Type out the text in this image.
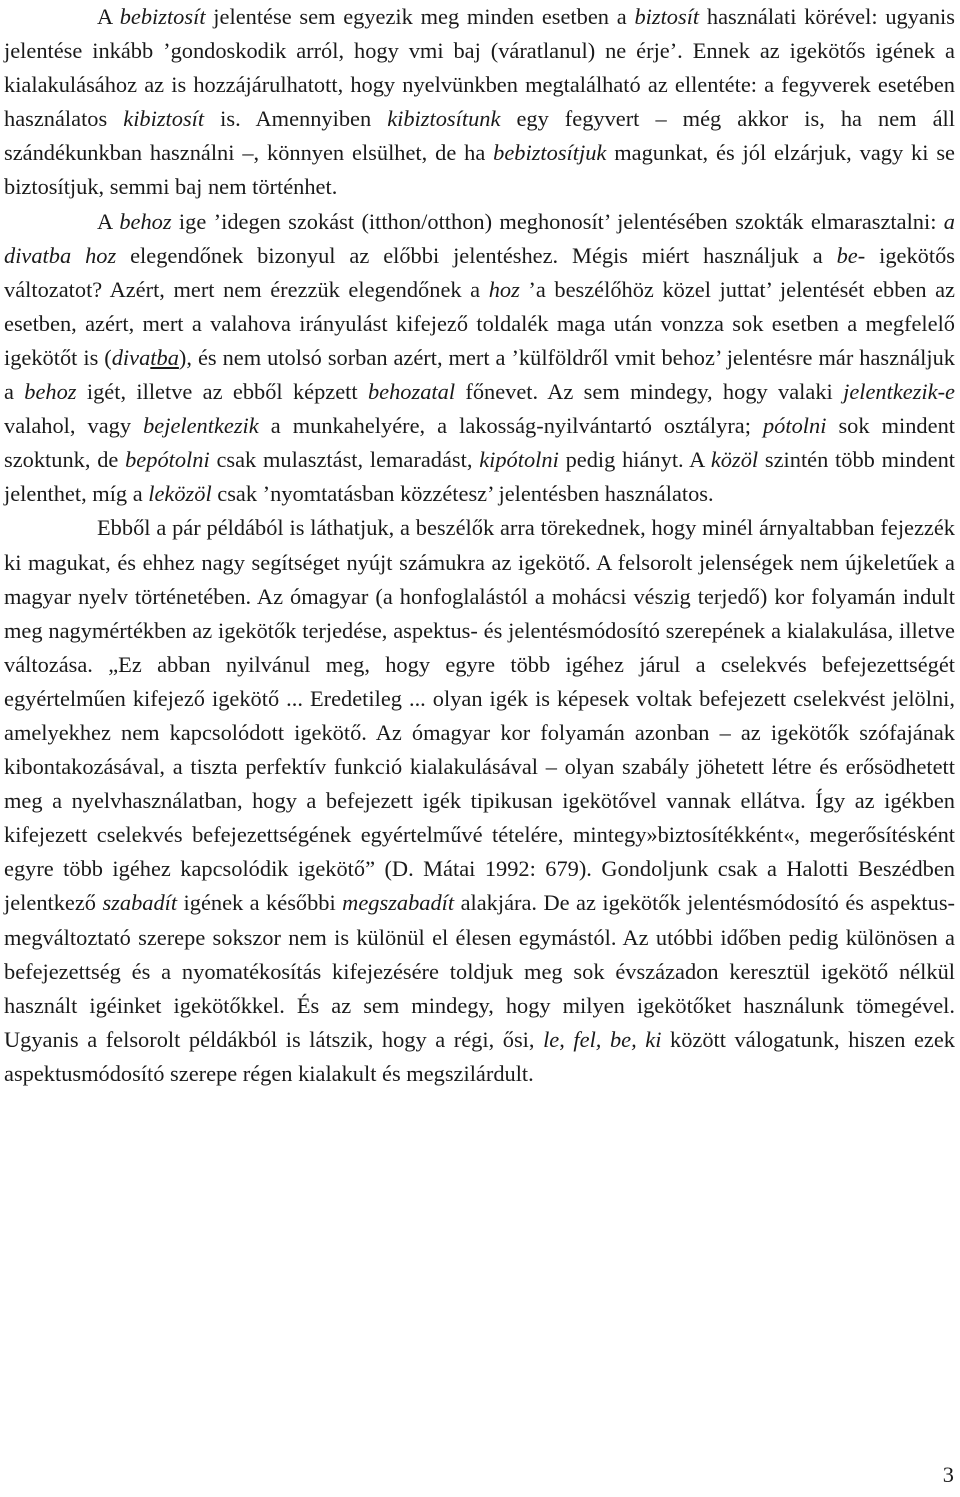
A bebiztosít jelentése sem egyezik meg minden esetben a biztosít használati körével: ugyanis jelentése inkább ’gondoskodik arról, hogy vmi baj (váratlanul) ne érje’. Ennek az igekötős igének a kialakulásához az is hozzájárulhatott, hogy nyelvünkben megtalálható az ellentéte: a fegyverek esetében használatos kibiztosít is. Amennyiben kibiztosítunk egy fegyvert – még akkor is, ha nem áll szándékunkban használni –, könnyen elsülhet, de ha bebiztosítjuk magunkat, és jól elzárjuk, vagy ki se biztosítjuk, semmi baj nem történhet.

A behoz ige ’idegen szokást (itthon/otthon) meghonosít’ jelentésében szokták elmarasztalni: a divatba hoz elegendőnek bizonyul az előbbi jelentéshez. Mégis miért használjuk a be- igekötős változatot? Azért, mert nem érezzük elegendőnek a hoz ’a beszélőhöz közel juttat’ jelentését ebben az esetben, azért, mert a valahova irányulást kifejező toldalék maga után vonzza sok esetben a megfelelő igekötőt is (divatba), és nem utolsó sorban azért, mert a ’külföldről vmit behoz’ jelentésre már használjuk a behoz igét, illetve az ebből képzett behozatal főnevet. Az sem mindegy, hogy valaki jelentkezik-e valahol, vagy bejelentkezik a munkahelyére, a lakosság-nyilvántartó osztályra; pótolni sok mindent szoktunk, de bepótolni csak mulasztást, lemaradást, kipótolni pedig hiányt. A közöl szintén több mindent jelenthet, míg a leközöl csak ’nyomtatásban közzétesz’ jelentésben használatos.

Ebből a pár példából is láthatjuk, a beszélők arra törekednek, hogy minél árnyaltabban fejezzék ki magukat, és ehhez nagy segítséget nyújt számukra az igekötő. A felsorolt jelenségek nem újkeletűek a magyar nyelv történetében. Az ómagyar (a honfoglalástól a mohácsi vészig terjedő) kor folyamán indult meg nagymértékben az igekötők terjedése, aspektus- és jelentésmódosító szerepének a kialakulása, illetve változása. „Ez abban nyilvánul meg, hogy egyre több igéhez járul a cselekvés befejezettségét egyértelműen kifejező igekötő ... Eredetileg ... olyan igék is képesek voltak befejezett cselekvést jelölni, amelyekhez nem kapcsolódott igekötő. Az ómagyar kor folyamán azonban – az igekötők szófajának kibontakozásával, a tiszta perfektív funkció kialakulásával – olyan szabály jöhetett létre és erősödhetett meg a nyelvhasználatban, hogy a befejezett igék tipikusan igekötővel vannak ellátva. Így az igékben kifejezett cselekvés befejezettségének egyértelművé tételére, mintegy»biztosítékként«, megerősítésként egyre több igéhez kapcsolódik igekötő” (D. Mátai 1992: 679). Gondoljunk csak a Halotti Beszédben jelentkező szabadít igének a későbbi megszabadít alakjára. De az igekötők jelentésmódosító és aspektus-megváltoztató szerepe sokszor nem is különül el élesen egymástól. Az utóbbi időben pedig különösen a befejezettség és a nyomatékosítás kifejezésére toldjuk meg sok évszázadon keresztül igekötő nélkül használt igéinket igekötőkkel. És az sem mindegy, hogy milyen igekötőket használunk tömegével. Ugyanis a felsorolt példákból is látszik, hogy a régi, ősi, le, fel, be, ki között válogatunk, hiszen ezek aspektusmódosító szerepe régen kialakult és megszilárdult.

3
